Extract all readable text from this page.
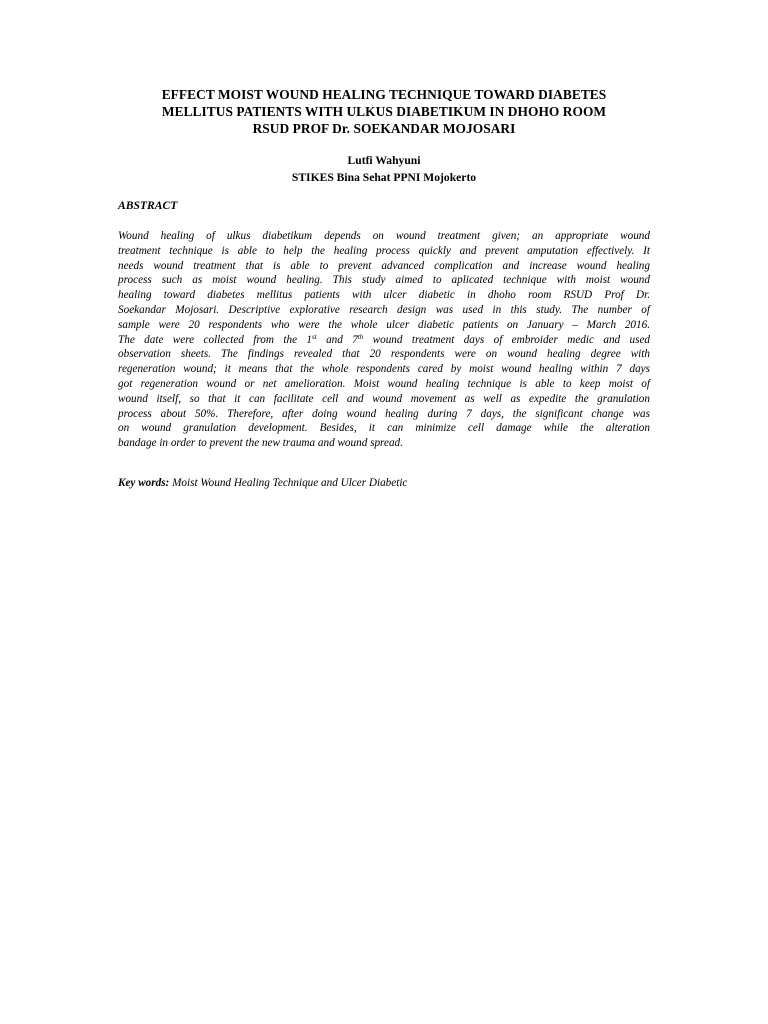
EFFECT MOIST WOUND HEALING TECHNIQUE TOWARD DIABETES
MELLITUS PATIENTS WITH ULKUS DIABETIKUM IN DHOHO ROOM
RSUD PROF Dr. SOEKANDAR MOJOSARI
Lutfi Wahyuni
STIKES Bina Sehat PPNI Mojokerto
ABSTRACT
Wound healing of ulkus diabetikum depends on wound treatment given; an appropriate wound
treatment technique is able to help the healing process quickly and prevent amputation effectively. It
needs wound treatment that is able to prevent advanced complication and increase wound healing
process such as moist wound healing. This study aimed to aplicated technique with moist wound
healing toward diabetes mellitus patients with ulcer diabetic in dhoho room RSUD Prof Dr.
Soekandar Mojosari. Descriptive explorative research design was used in this study. The number of
sample were 20 respondents who were the whole ulcer diabetic patients on January – March 2016.
The date were collected from the 1st and 7th wound treatment days of embroider medic and used
observation sheets. The findings revealed that 20 respondents were on wound healing degree with
regeneration wound; it means that the whole respondents cared by moist wound healing within 7 days
got regeneration wound or net amelioration. Moist wound healing technique is able to keep moist of
wound itself, so that it can facilitate cell and wound movement as well as expedite the granulation
process about 50%. Therefore, after doing wound healing during 7 days, the significant change was
on wound granulation development. Besides, it can minimize cell damage while the alteration
bandage in order to prevent the new trauma and wound spread.
Key words: Moist Wound Healing Technique and Ulcer Diabetic
